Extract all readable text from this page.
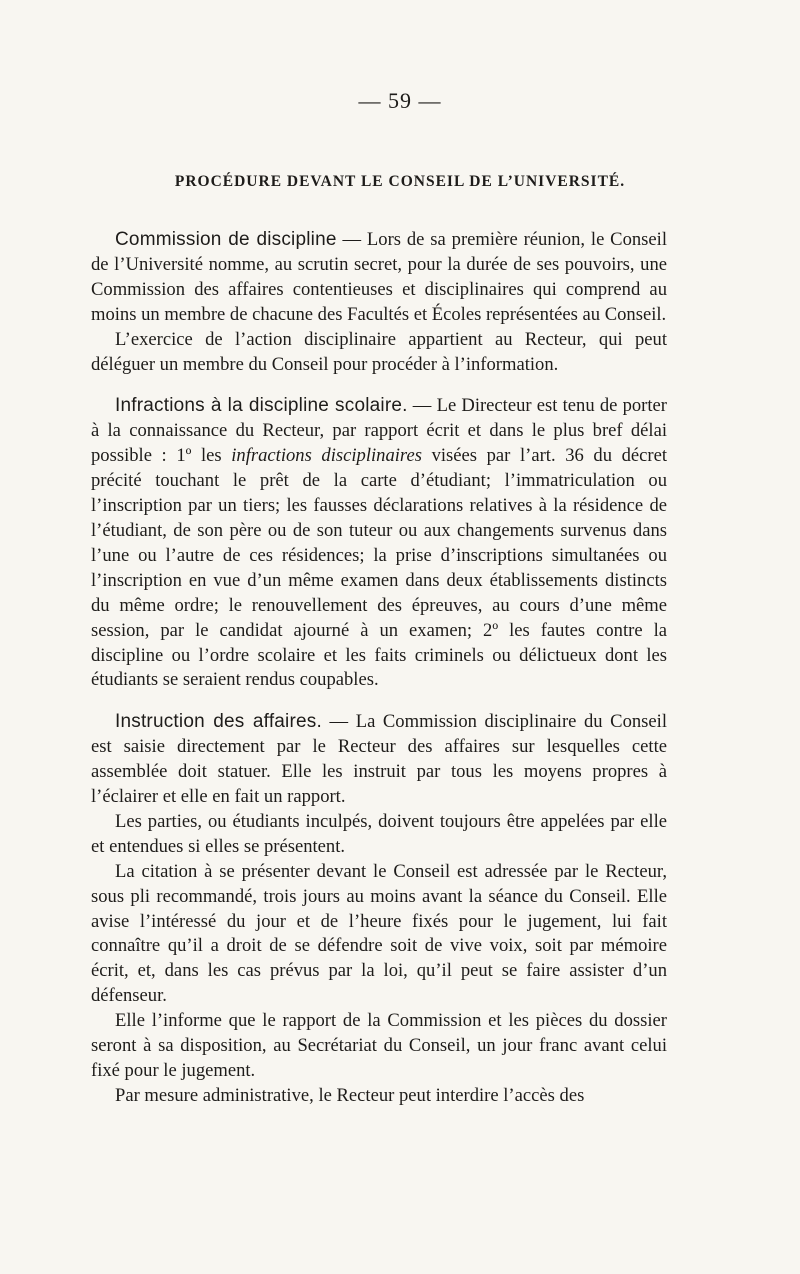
— 59 —
PROCÉDURE DEVANT LE CONSEIL DE L’UNIVERSITÉ.

Commission de discipline — Lors de sa première réunion, le Conseil de l’Université nomme, au scrutin secret, pour la durée de ses pouvoirs, une Commission des affaires contentieuses et disciplinaires qui comprend au moins un membre de chacune des Facultés et Écoles représentées au Conseil.

L’exercice de l’action disciplinaire appartient au Recteur, qui peut déléguer un membre du Conseil pour procéder à l’information.

Infractions à la discipline scolaire. — Le Directeur est tenu de porter à la connaissance du Recteur, par rapport écrit et dans le plus bref délai possible : 1º les infractions disciplinaires visées par l’art. 36 du décret précité touchant le prêt de la carte d’étudiant; l’immatriculation ou l’inscription par un tiers; les fausses déclarations relatives à la résidence de l’étudiant, de son père ou de son tuteur ou aux changements survenus dans l’une ou l’autre de ces résidences; la prise d’inscriptions simultanées ou l’inscription en vue d’un même examen dans deux établissements distincts du même ordre; le renouvellement des épreuves, au cours d’une même session, par le candidat ajourné à un examen; 2º les fautes contre la discipline ou l’ordre scolaire et les faits criminels ou délictueux dont les étudiants se seraient rendus coupables.

Instruction des affaires. — La Commission disciplinaire du Conseil est saisie directement par le Recteur des affaires sur lesquelles cette assemblée doit statuer. Elle les instruit par tous les moyens propres à l’éclairer et elle en fait un rapport.

Les parties, ou étudiants inculpés, doivent toujours être appelées par elle et entendues si elles se présentent.

La citation à se présenter devant le Conseil est adressée par le Recteur, sous pli recommandé, trois jours au moins avant la séance du Conseil. Elle avise l’intéressé du jour et de l’heure fixés pour le jugement, lui fait connaître qu’il a droit de se défendre soit de vive voix, soit par mémoire écrit, et, dans les cas prévus par la loi, qu’il peut se faire assister d’un défenseur.

Elle l’informe que le rapport de la Commission et les pièces du dossier seront à sa disposition, au Secrétariat du Conseil, un jour franc avant celui fixé pour le jugement.

Par mesure administrative, le Recteur peut interdire l’accès des
